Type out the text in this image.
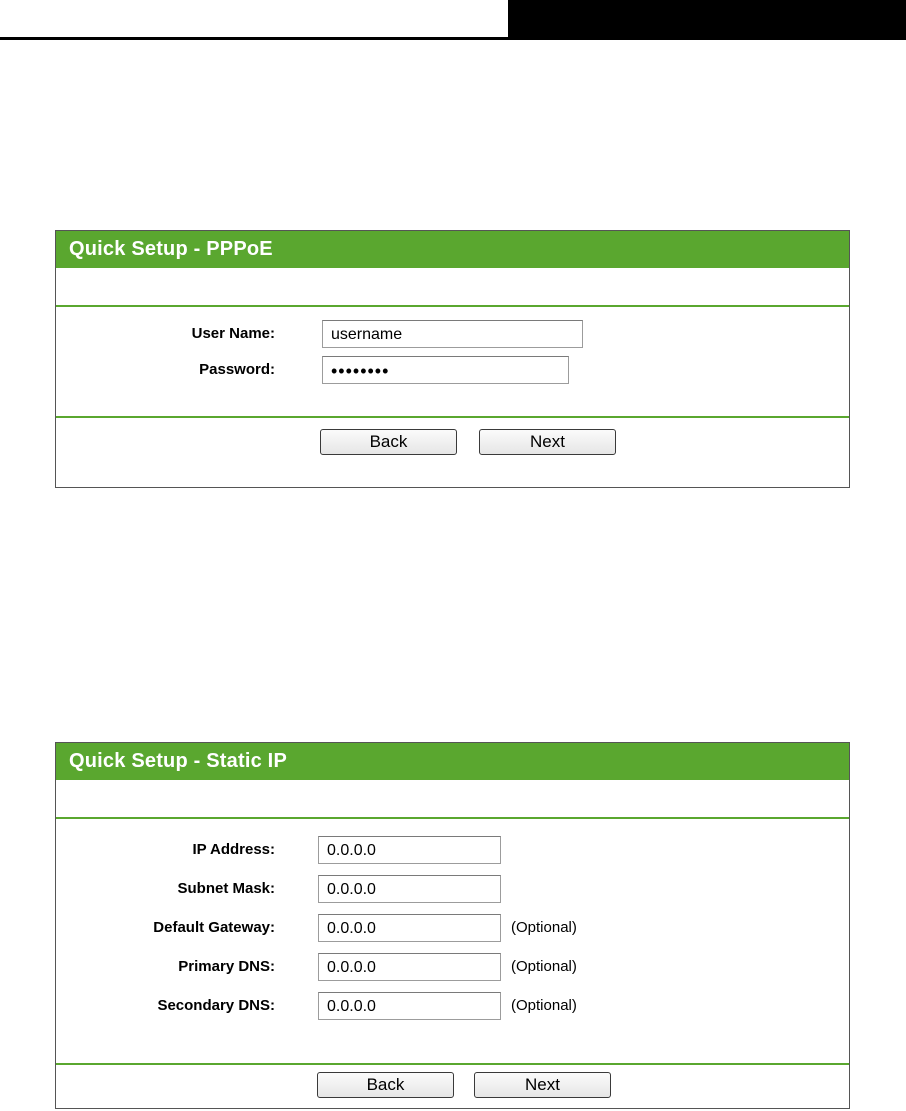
Quick Setup - PPPoE
User Name:
username
Password:
••••••••
Back	Next
Quick Setup - Static IP
IP Address:
0.0.0.0
Subnet Mask:
0.0.0.0
Default Gateway:
0.0.0.0	(Optional)
Primary DNS:
0.0.0.0	(Optional)
Secondary DNS:
0.0.0.0	(Optional)
Back	Next
